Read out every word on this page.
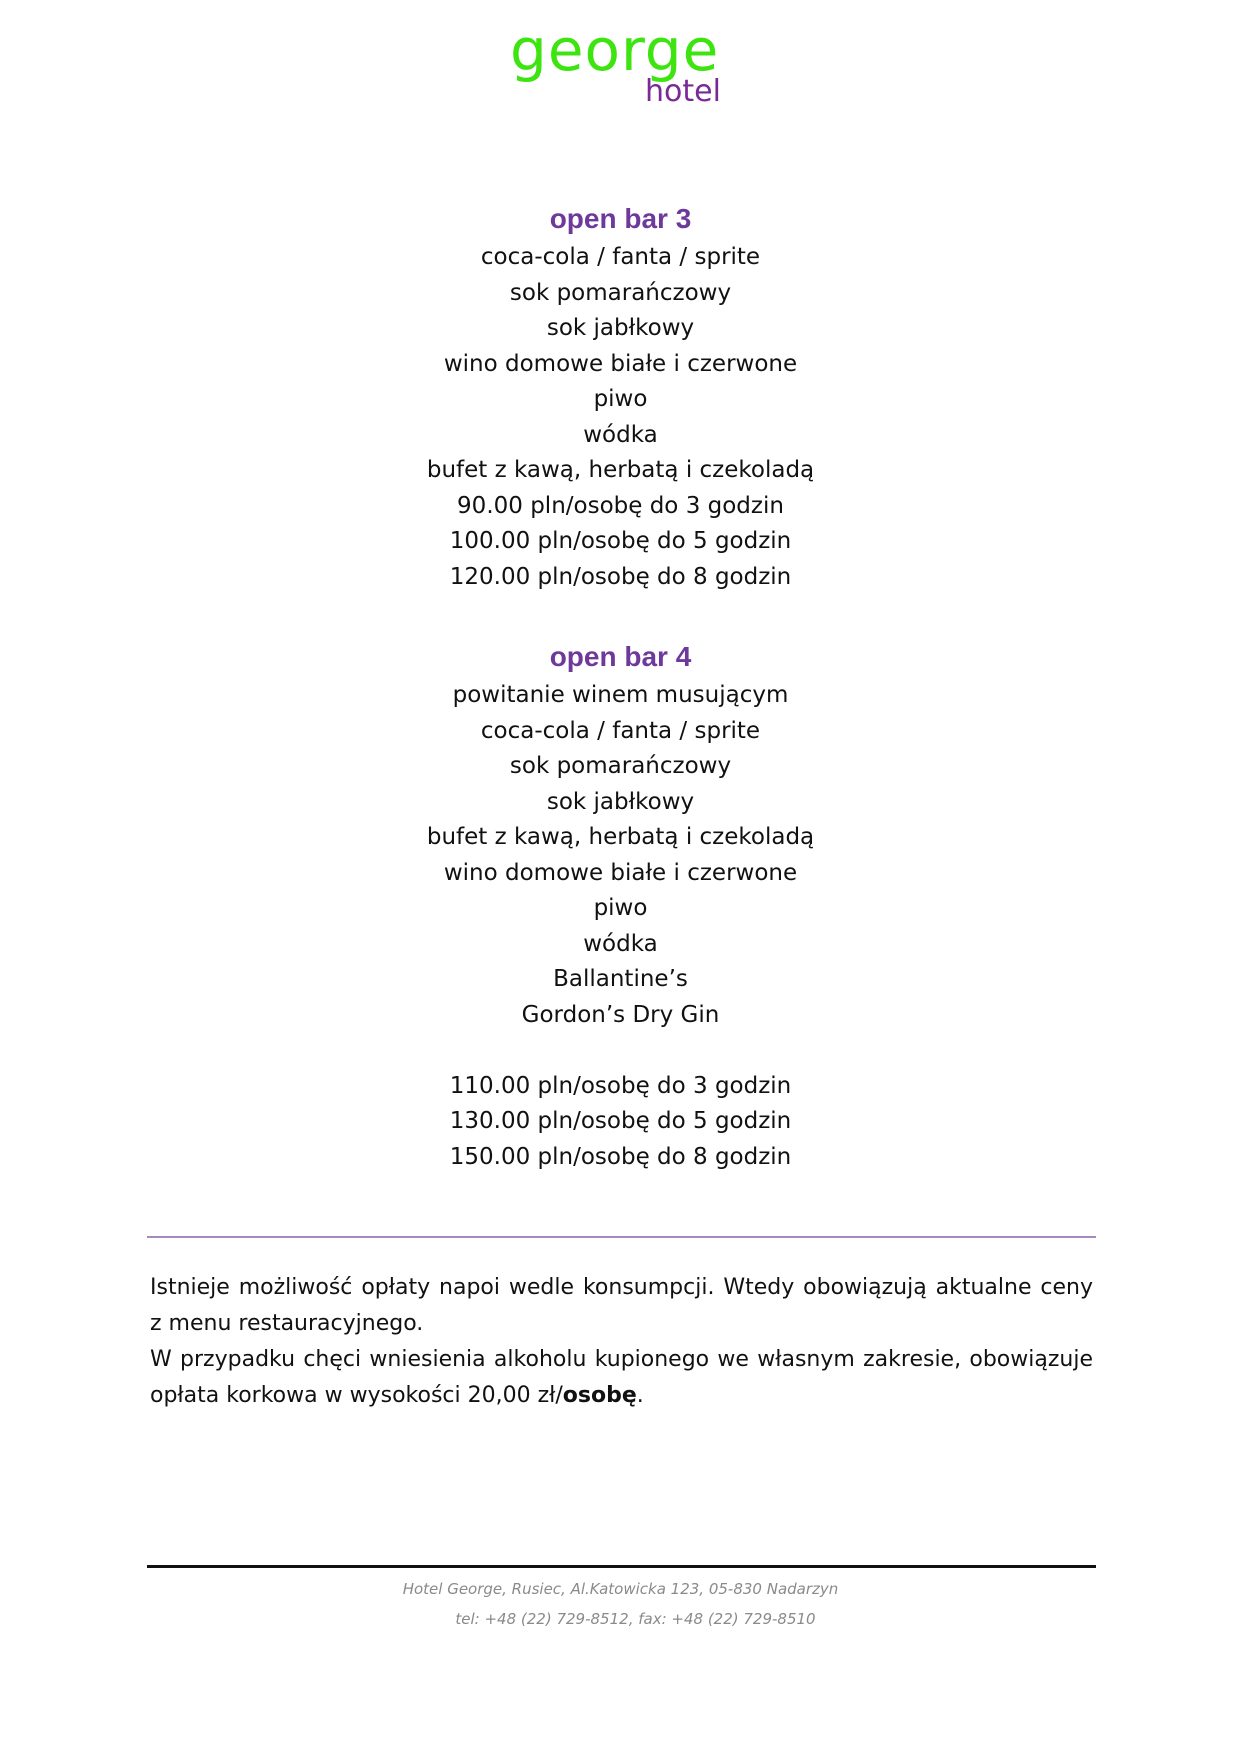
george
hotel
open bar 3
coca-cola / fanta / sprite
sok pomarańczowy
sok jabłkowy
wino domowe białe i czerwone
piwo
wódka
bufet z kawą, herbatą i czekoladą
90.00 pln/osobę do 3 godzin
100.00 pln/osobę do 5 godzin
120.00 pln/osobę do 8 godzin
open bar 4
powitanie winem musującym
coca-cola / fanta / sprite
sok pomarańczowy
sok jabłkowy
bufet z kawą, herbatą i czekoladą
wino domowe białe i czerwone
piwo
wódka
Ballantine’s
Gordon’s Dry Gin
110.00 pln/osobę do 3 godzin
130.00 pln/osobę do 5 godzin
150.00 pln/osobę do 8 godzin

Istnieje możliwość opłaty napoi wedle konsumpcji. Wtedy obowiązują aktualne ceny z menu restauracyjnego.

W przypadku chęci wniesienia alkoholu kupionego we własnym zakresie, obowiązuje opłata korkowa w wysokości 20,00 zł/osobę.

Hotel George, Rusiec, Al.Katowicka 123, 05-830 Nadarzyn
tel: +48 (22) 729-8512, fax: +48 (22) 729-8510
